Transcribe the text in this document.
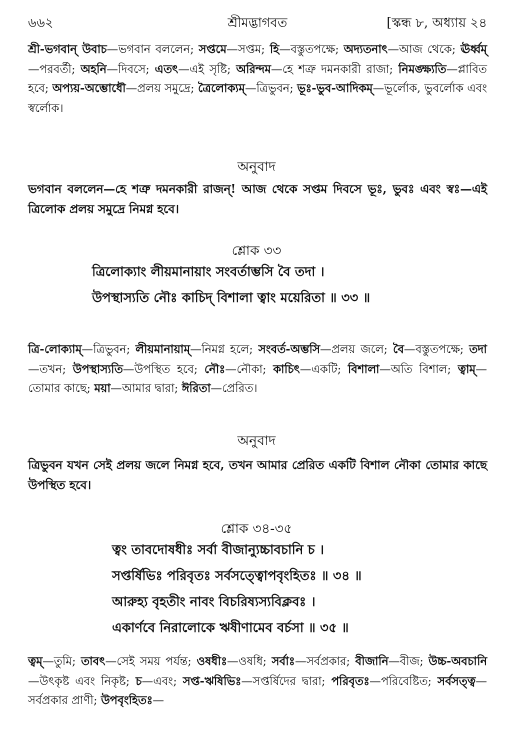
৬৬২	শ্রীমদ্ভাগবত	[স্কন্ধ ৮, অধ্যায় ২৪
শ্রী-ভগবান্ উবাচ—ভগবান বললেন; সপ্তমে—সপ্তম; হি—বস্তুতপক্ষে; অদ্যতনাৎ—আজ থেকে; ঊর্ধ্বম্—পরবর্তী; অহনি—দিবসে; এতৎ—এই সৃষ্টি; অরিন্দম—হে শত্রু দমনকারী রাজা; নিমঙ্ক্ষ্যতি—প্লাবিত হবে; অপ্যয়-অম্ভোধৌ—প্রলয় সমুদ্রে; ত্রৈলোক্যম্—ত্রিভুবন; ভূঃ-ভুব-আদিকম্—ভূর্লোক, ভুবর্লোক এবং স্বর্লোক।
অনুবাদ
ভগবান বললেন—হে শত্রু দমনকারী রাজন্! আজ থেকে সপ্তম দিবসে ভূঃ, ভুবঃ এবং স্বঃ—এই ত্রিলোক প্রলয় সমুদ্রে নিমগ্ন হবে।
শ্লোক ৩৩
ত্রিলোক্যাং লীয়মানায়াং সংবর্তাম্ভসি বৈ তদা ।
উপস্থাস্যতি নৌঃ কাচিদ্ বিশালা ত্বাং ময়েরিতা ॥ ৩৩ ॥
ত্রি-লোক্যাম্—ত্রিভুবন; লীয়মানায়াম্—নিমগ্ন হলে; সংবর্ত-অম্ভসি—প্রলয় জলে; বৈ—বস্তুতপক্ষে; তদা—তখন; উপস্থাস্যতি—উপস্থিত হবে; নৌঃ—নৌকা; কাচিৎ—একটি; বিশালা—অতি বিশাল; ত্বাম্—তোমার কাছে; ময়া—আমার দ্বারা; ঈরিতা—প্রেরিত।
অনুবাদ
ত্রিভুবন যখন সেই প্রলয় জলে নিমগ্ন হবে, তখন আমার প্রেরিত একটি বিশাল নৌকা তোমার কাছে উপস্থিত হবে।
শ্লোক ৩৪-৩৫
ত্বং তাবদোষধীঃ সর্বা বীজান্যুচ্চাবচানি চ ।
সপ্তর্ষিভিঃ পরিবৃতঃ সর্বসত্ত্বোপবৃংহিতঃ ॥ ৩৪ ॥
আরুহ্য বৃহতীং নাবং বিচরিষ্যস্যবিক্লবঃ ।
একার্ণবে নিরালোকে ঋষীণামেব বর্চসা ॥ ৩৫ ॥
ত্বম্—তুমি; তাবৎ—সেই সময় পর্যন্ত; ওষধীঃ—ওষধি; সর্বাঃ—সর্বপ্রকার; বীজানি—বীজ; উচ্চ-অবচানি—উৎকৃষ্ট এবং নিকৃষ্ট; চ—এবং; সপ্ত-ঋষিভিঃ—সপ্তর্ষিদের দ্বারা; পরিবৃতঃ—পরিবেষ্টিত; সর্বসত্ত্ব—সর্বপ্রকার প্রাণী; উপবৃংহিতঃ—
